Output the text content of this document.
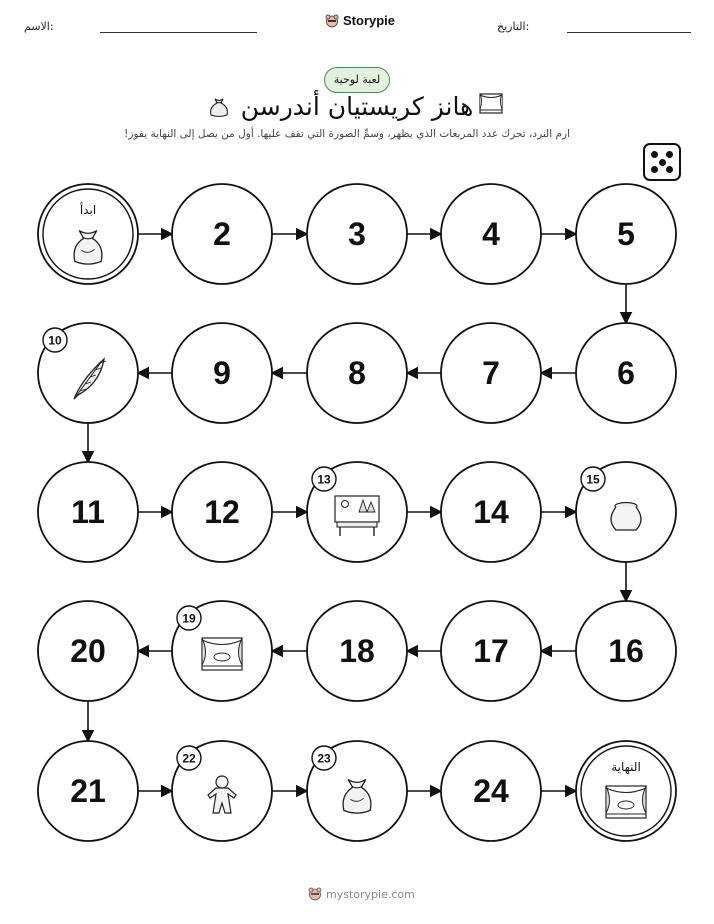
الاسم:	Storypie	التاريخ:
لعبة لوحية
هانز كريستيان أندرسن
ارم النرد، تحرك عدد المربعات الذي يظهر، وسمِّ الصورة التي تقف عليها. أول من يصل إلى النهاية يفوز!
ابدأ
2	3	4	5
6
7
8
9
10
11	12
13
14
15
16
17
18
19
20
21
22	23
24
النهاية
mystorypie.com
